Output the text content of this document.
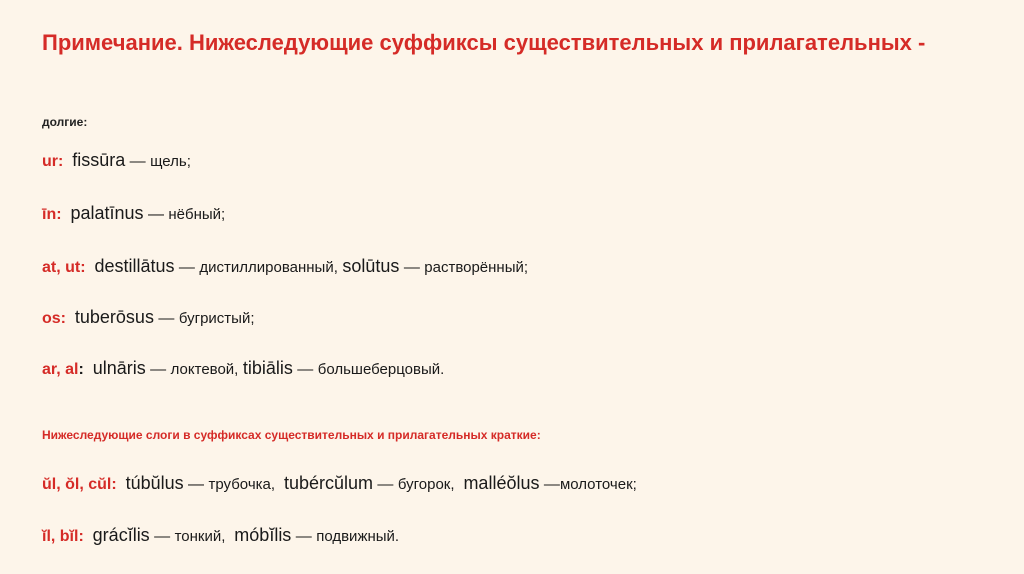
Примечание. Нижеследующие суффиксы существительных и прилагательных -
долгие:
ur: fissūra — щель;
īn: palatīnus — нёбный;
at, ut: destillātus — дистиллированный, solūtus — растворённый;
os: tuberōsus — бугристый;
ar, al: ulnāris — локтевой, tibiālis — большеберцовый.
Нижеследующие слоги в суффиксах существительных и прилагательных краткие:
ŭl, ŏl, cŭl: túbŭlus — трубочка, tubércŭlum — бугорок, malléŏlus —молоточек;
ĭl, bĭl: grácĭlis — тонкий, móbĭlis — подвижный.
